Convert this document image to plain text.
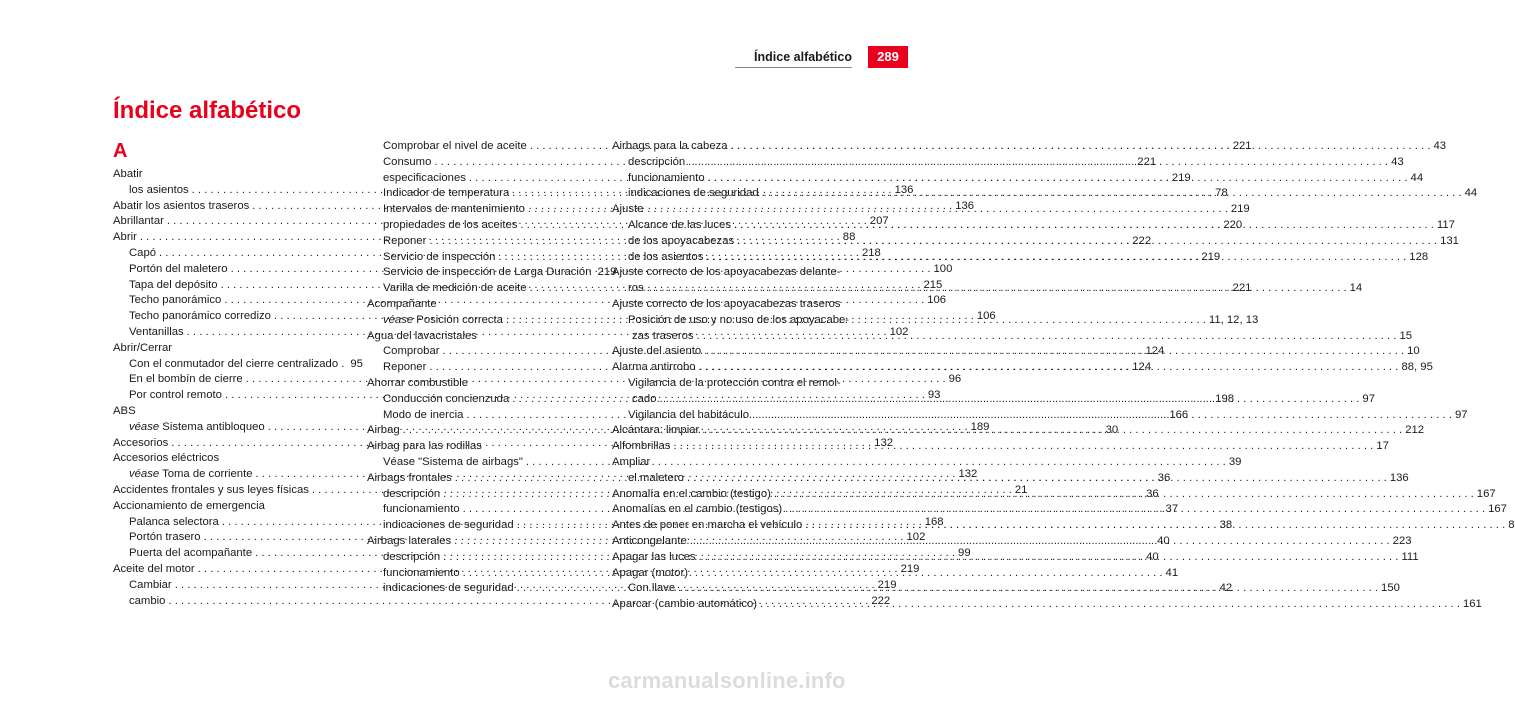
Índice alfabético	289
Índice alfabético
A
Abatir
los asientos . . .	136
Abatir los asientos traseros . . .	136
Abrillantar . . .	207
Abrir . . .	88
Capó . . .	218
Portón del maletero . . .	100
Tapa del depósito . . .	215
Techo panorámico . . .	106
Techo panorámico corredizo . . .	106
Ventanillas . . .	102
Abrir/Cerrar
Con el conmutador del cierre centralizado . 95
En el bombín de cierre . . .	96
Por control remoto . . .	93
ABS
véase Sistema antibloqueo . . .	189
Accesorios . . .	132
Accesorios eléctricos
véase Toma de corriente . . .	132
Accidentes frontales y sus leyes físicas . . .	21
Accionamiento de emergencia
Palanca selectora . . .	168
Portón trasero . . .	102
Puerta del acompañante . . .	99
Aceite del motor . . .	219
Cambiar . . .	219
cambio . . .	222
Comprobar el nivel de aceite . . .	221
Consumo . . .	221
especificaciones . . .	219
Indicador de temperatura . . .	78
Intervalos de mantenimiento . . .	219
propiedades de los aceites . . .	220
Reponer . . .	222
Servicio de inspección . . .	219
Servicio de inspección de Larga Duración 219
Varilla de medición de aceite . . .	221
Acompañante
véase Posición correcta . . .	11, 12, 13
Agua del lavacristales
Comprobar . . .	124
Reponer . . .	124
Ahorrar combustible
Conducción concienzuda . . .	198
Modo de inercia . . .	166
Airbag . . .	30
Airbag para las rodillas
Véase "Sistema de airbags" . . .	39
Airbags frontales . . .	36
descripción . . .	36
funcionamiento . . .	37
indicaciones de seguridad . . .	38
Airbags laterales . . .	40
descripción . . .	40
funcionamiento . . .	41
indicaciones de seguridad . . .	42
Airbags para la cabeza . . .	43
descripción . . .	43
funcionamiento . . .	44
indicaciones de seguridad . . .	44
Ajuste
Alcance de las luces . . .	117
de los apoyacabezas . . .	131
de los asientos . . .	128
Ajuste correcto de los apoyacabezas delante-
ros . . .	14
Ajuste correcto de los apoyacabezas traseros
Posición de uso y no uso de los apoyacabe-
zas traseros . . .	15
Ajuste del asiento . . .	10
Alarma antirrobo . . .	88, 95
Vigilancia de la protección contra el remol-
cado . . .	97
Vigilancia del habitáculo . . .	97
Alcántara: limpiar . . .	212
Alfombrillas . . .	17
Ampliar
el maletero . . .	136
Anomalía en el cambio (testigo) . . .	167
Anomalías en el cambio (testigos) . . .	167
Antes de poner en marcha el vehículo . . .	8
Anticongelante . . .	223
Apagar las luces . . .	111
Apagar (motor)
Con llave . . .	150
Aparcar (cambio automático) . . .	161
carmanualsonline.info
